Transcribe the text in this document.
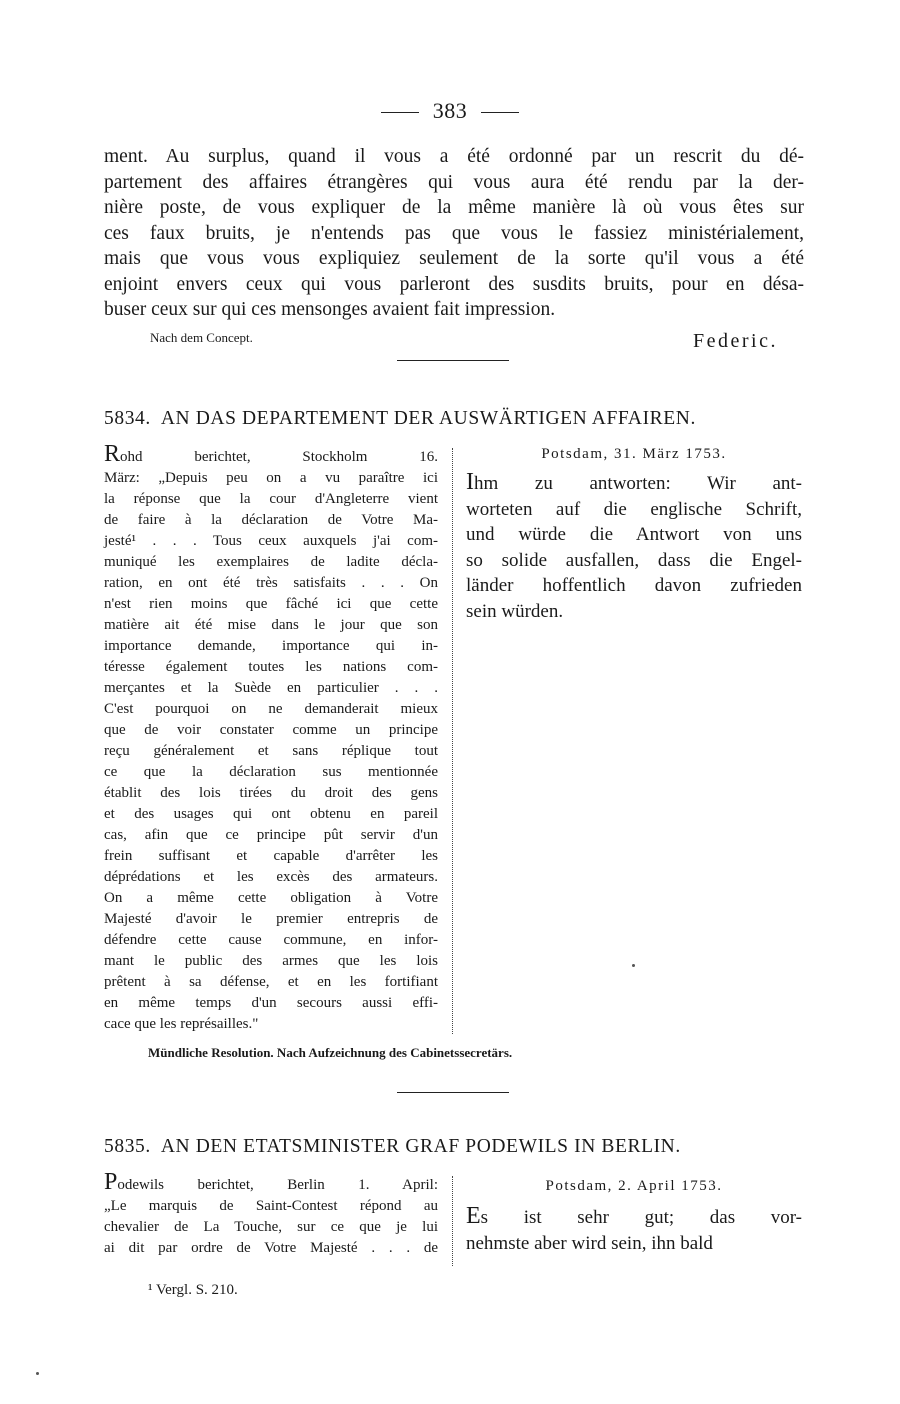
383
ment. Au surplus, quand il vous a été ordonné par un rescrit du dé-
partement des affaires étrangères qui vous aura été rendu par la der-
nière poste, de vous expliquer de la même manière là où vous êtes sur
ces faux bruits, je n'entends pas que vous le fassiez ministérialement,
mais que vous vous expliquiez seulement de la sorte qu'il vous a été
enjoint envers ceux qui vous parleront des susdits bruits, pour en désa-
buser ceux sur qui ces mensonges avaient fait impression.
Nach dem Concept.	Federic.
5834. AN DAS DEPARTEMENT DER AUSWÄRTIGEN AFFAIREN.
Rohd berichtet, Stockholm 16.
März: „Depuis peu on a vu paraître ici
la réponse que la cour d'Angleterre vient
de faire à la déclaration de Votre Ma-
jesté¹ . . . Tous ceux auxquels j'ai com-
muniqué les exemplaires de ladite décla-
ration, en ont été très satisfaits . . . On
n'est rien moins que fâché ici que cette
matière ait été mise dans le jour que son
importance demande, importance qui in-
téresse également toutes les nations com-
merçantes et la Suède en particulier . . .
C'est pourquoi on ne demanderait mieux
que de voir constater comme un principe
reçu généralement et sans réplique tout
ce que la déclaration sus mentionnée
établit des lois tirées du droit des gens
et des usages qui ont obtenu en pareil
cas, afin que ce principe pût servir d'un
frein suffisant et capable d'arrêter les
déprédations et les excès des armateurs.
On a même cette obligation à Votre
Majesté d'avoir le premier entrepris de
défendre cette cause commune, en infor-
mant le public des armes que les lois
prêtent à sa défense, et en les fortifiant
en même temps d'un secours aussi effi-
cace que les représailles."
Potsdam, 31. März 1753.
Ihm zu antworten: Wir ant-
worteten auf die englische Schrift,
und würde die Antwort von uns
so solide ausfallen, dass die Engel-
länder hoffentlich davon zufrieden
sein würden.
Mündliche Resolution. Nach Aufzeichnung des Cabinetssecretärs.
5835. AN DEN ETATSMINISTER GRAF PODEWILS IN BERLIN.
Podewils berichtet, Berlin 1. April:
„Le marquis de Saint-Contest répond au
chevalier de La Touche, sur ce que je lui
ai dit par ordre de Votre Majesté . . . de
Potsdam, 2. April 1753.
Es ist sehr gut; das vor-
nehmste aber wird sein, ihn bald
¹ Vergl. S. 210.
